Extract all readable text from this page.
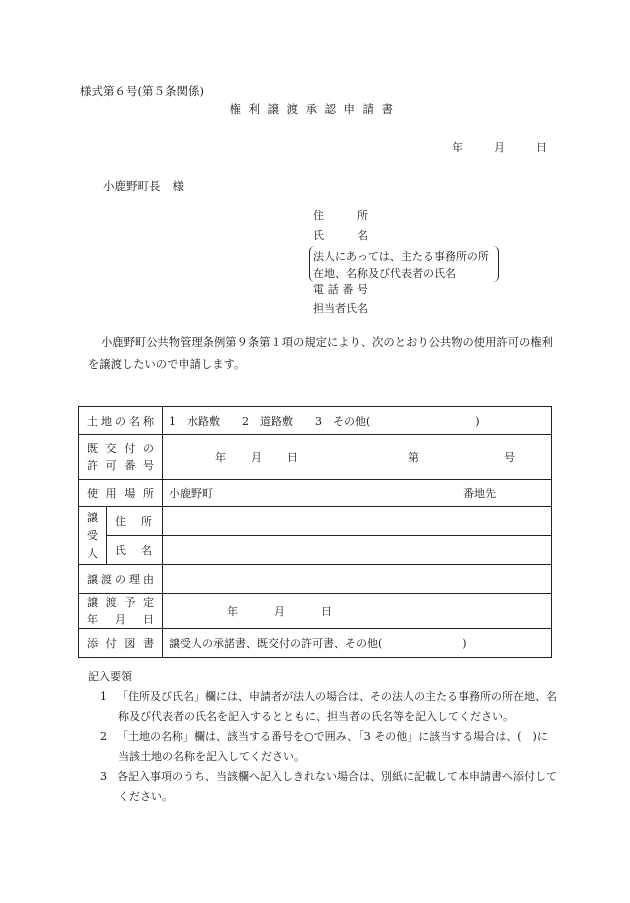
様式第６号(第５条関係)
権利譲渡承認申請書
年	月	日
小鹿野町長 様
住所
氏名
法人にあっては、主たる事務所の所
在地、名称及び代表者の氏名
電話番号
担当者氏名
小鹿野町公共物管理条例第９条第１項の規定により、次のとおり公共物の使用許可の権利を譲渡したいので申請します。
土地の名称		1　水路敷 2　道路敷 3　その他( )

既交付の
許可番号		年 月 日 第 号
使用場所		小鹿野町 番地先

譲受人	住所	
	氏名	
譲渡の理由		

譲渡予定
年月日		年 月 日
添付図書		譲受人の承諾書、既交付の許可書、その他( )
記入要領
1 「住所及び氏名」欄には、申請者が法人の場合は、その法人の主たる事務所の所在地、名称及び代表者の氏名を記入するとともに、担当者の氏名等を記入してください。
2 「土地の名称」欄は、該当する番号を○で囲み、「3 その他」に該当する場合は、(　)に当該土地の名称を記入してください。
3 各記入事項のうち、当該欄へ記入しきれない場合は、別紙に記載して本申請書へ添付してください。
